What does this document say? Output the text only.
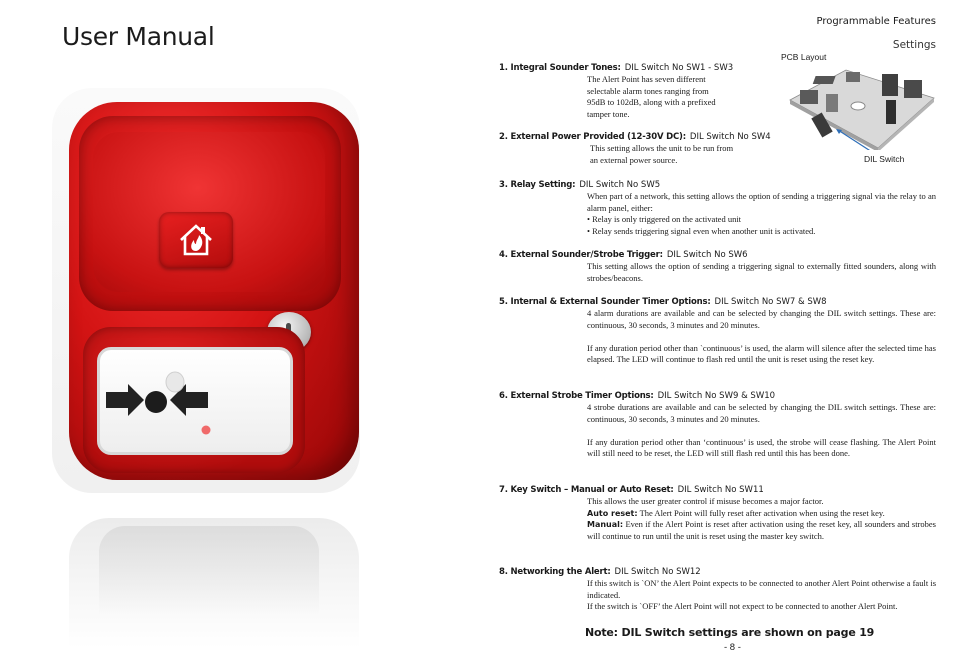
User Manual
Programmable Features
Settings
PCB Layout
DIL Switch
1. Integral Sounder Tones: DIL Switch No SW1 - SW3

The Alert Point has seven different

selectable alarm tones ranging from

95dB to 102dB, along with a prefixed

tamper tone.

2. External Power Provided (12-30V DC): DIL Switch No SW4

This setting allows the unit to be run from

an external power source.

3. Relay Setting: DIL Switch No SW5

When part of a network, this setting allows the option of sending a triggering signal via the relay to an alarm panel, either:

• Relay is only triggered on the activated unit

• Relay sends triggering signal even when another unit is activated.

4. External Sounder/Strobe Trigger: DIL Switch No SW6

This setting allows the option of sending a triggering signal to externally fitted sounders, along with strobes/beacons.

5. Internal & External Sounder Timer Options: DIL Switch No SW7 & SW8

4 alarm durations are available and can be selected by changing the DIL switch settings. These are: continuous, 30 seconds, 3 minutes and 20 minutes.

If any duration period other than `continuous’ is used, the alarm will silence after the selected time has elapsed. The LED will continue to flash red until the unit is reset using the reset key.

6. External Strobe Timer Options: DIL Switch No SW9 & SW10

4 strobe durations are available and can be selected by changing the DIL switch settings. These are: continuous, 30 seconds, 3 minutes and 20 minutes.

If any duration period other than ‘continuous’ is used, the strobe will cease flashing. The Alert Point will still need to be reset, the LED will still flash red until this has been done.

7. Key Switch – Manual or Auto Reset: DIL Switch No SW11

This allows the user greater control if misuse becomes a major factor.

Auto reset: The Alert Point will fully reset after activation when using the reset key.

Manual: Even if the Alert Point is reset after activation using the reset key, all sounders and strobes will continue to run until the unit is reset using the master key switch.

8. Networking the Alert: DIL Switch No SW12

If this switch is `ON’ the Alert Point expects to be connected to another Alert Point otherwise a fault is indicated.

If the switch is `OFF’ the Alert Point will not expect to be connected to another Alert Point.

Note: DIL Switch settings are shown on page 19
- 8 -
